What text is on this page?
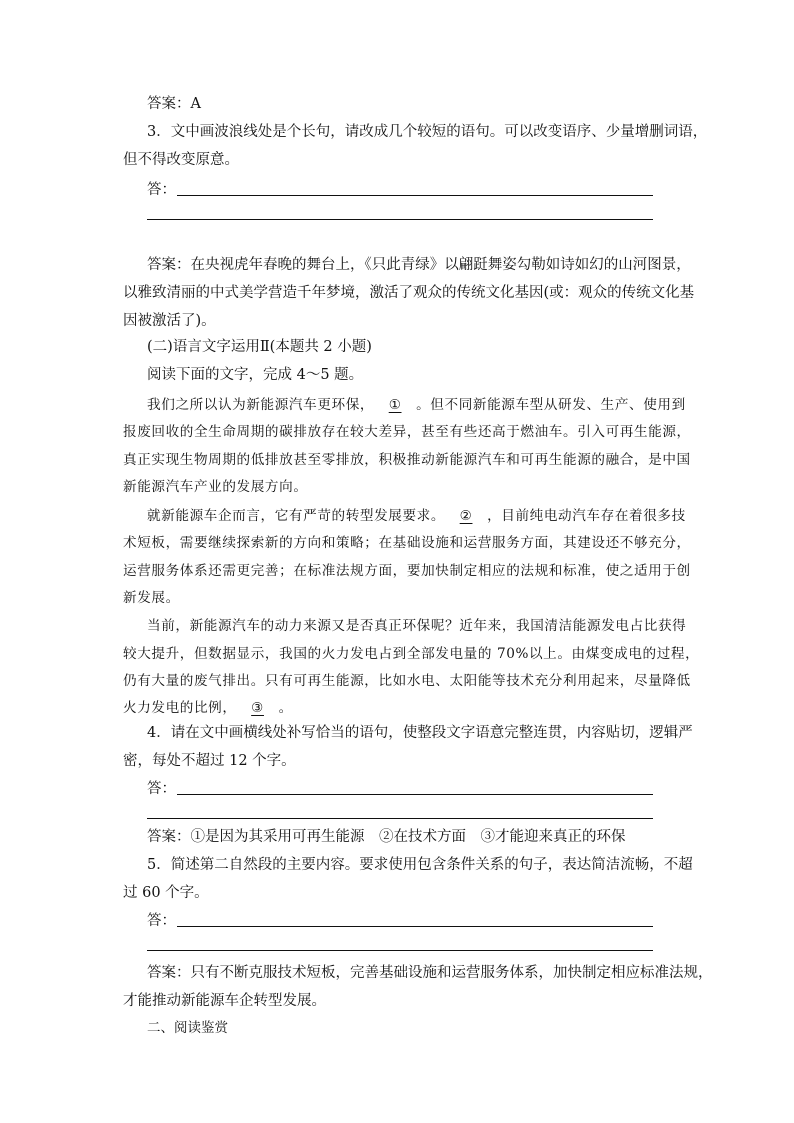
答案：A
3．文中画波浪线处是个长句，请改成几个较短的语句。可以改变语序、少量增删词语，
但不得改变原意。
答：
答案：在央视虎年春晚的舞台上，《只此青绿》以翩跹舞姿勾勒如诗如幻的山河图景，
以雅致清丽的中式美学营造千年梦境，激活了观众的传统文化基因(或：观众的传统文化基
因被激活了)。
(二)语言文字运用Ⅱ(本题共 2 小题)
阅读下面的文字，完成 4～5 题。
我们之所以认为新能源汽车更环保， ① 。但不同新能源车型从研发、生产、使用到
报废回收的全生命周期的碳排放存在较大差异，甚至有些还高于燃油车。引入可再生能源，
真正实现生物周期的低排放甚至零排放，积极推动新能源汽车和可再生能源的融合，是中国
新能源汽车产业的发展方向。
就新能源车企而言，它有严苛的转型发展要求。 ② ，目前纯电动汽车存在着很多技
术短板，需要继续探索新的方向和策略；在基础设施和运营服务方面，其建设还不够充分，
运营服务体系还需更完善；在标准法规方面，要加快制定相应的法规和标准，使之适用于创
新发展。
当前，新能源汽车的动力来源又是否真正环保呢？近年来，我国清洁能源发电占比获得
较大提升，但数据显示，我国的火力发电占到全部发电量的 70%以上。由煤变成电的过程，
仍有大量的废气排出。只有可再生能源，比如水电、太阳能等技术充分利用起来，尽量降低
火力发电的比例， ③ 。
4．请在文中画横线处补写恰当的语句，使整段文字语意完整连贯，内容贴切，逻辑严
密，每处不超过 12 个字。
答：
答案：①是因为其采用可再生能源　②在技术方面　③才能迎来真正的环保
5．简述第二自然段的主要内容。要求使用包含条件关系的句子，表达简洁流畅，不超
过 60 个字。
答：
答案：只有不断克服技术短板，完善基础设施和运营服务体系，加快制定相应标准法规，
才能推动新能源车企转型发展。
二、阅读鉴赏
